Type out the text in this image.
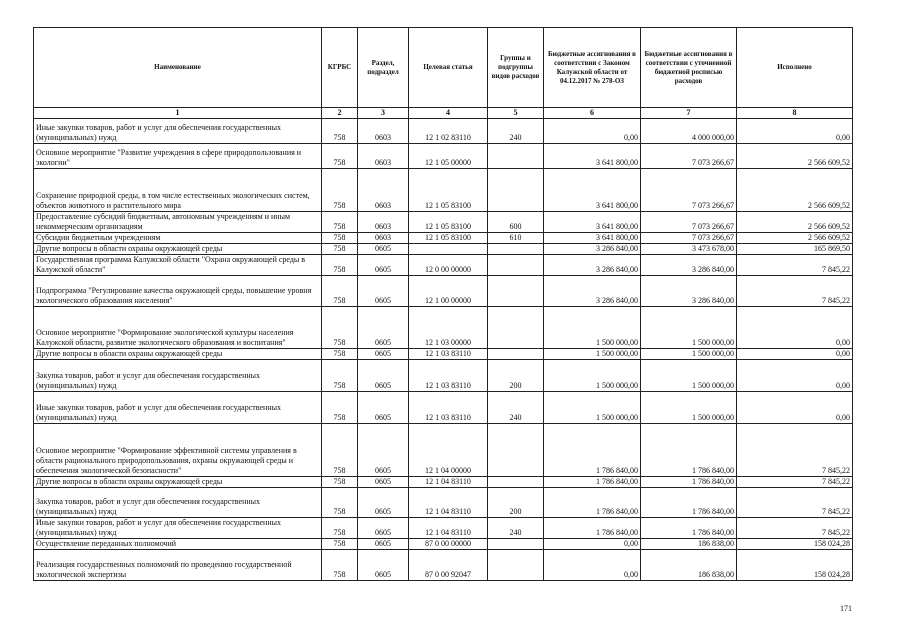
Наименование	КГРБС	Раздел, подраздел	Целевая статья	Группы и подгруппы видов расходов	Бюджетные ассигнования в соответствии с Законом Калужской области от 04.12.2017 № 278-ОЗ	Бюджетные ассигнования в соответствии с уточненной бюджетной росписью расходов	Исполнено
1	2	3	4	5	6	7	8
Иные закупки товаров, работ и услуг для обеспечения государственных (муниципальных) нужд	758	0603	12 1 02 83110	240	0,00	4 000 000,00	0,00
Основное мероприятие "Развитие учреждения в сфере природопользования и экологии"	758	0603	12 1 05 00000		3 641 800,00	7 073 266,67	2 566 609,52
Сохранение природной среды, в том числе естественных экологических систем, объектов животного и растительного мира	758	0603	12 1 05 83100		3 641 800,00	7 073 266,67	2 566 609,52
Предоставление субсидий бюджетным, автономным учреждениям и иным некоммерческим организациям	758	0603	12 1 05 83100	600	3 641 800,00	7 073 266,67	2 566 609,52
Субсидии бюджетным учреждениям	758	0603	12 1 05 83100	610	3 641 800,00	7 073 266,67	2 566 609,52
Другие вопросы в области охраны окружающей среды	758	0605			3 286 840,00	3 473 678,00	165 869,50
Государственная программа Калужской области "Охрана окружающей среды в Калужской области"	758	0605	12 0 00 00000		3 286 840,00	3 286 840,00	7 845,22
Подпрограмма "Регулирование качества окружающей среды, повышение уровня экологического образования населения"	758	0605	12 1 00 00000		3 286 840,00	3 286 840,00	7 845,22
Основное мероприятие "Формирование экологической культуры населения Калужской области, развитие экологического образования и воспитания"	758	0605	12 1 03 00000		1 500 000,00	1 500 000,00	0,00
Другие вопросы в области охраны окружающей среды	758	0605	12 1 03 83110		1 500 000,00	1 500 000,00	0,00
Закупка товаров, работ и услуг для обеспечения государственных (муниципальных) нужд	758	0605	12 1 03 83110	200	1 500 000,00	1 500 000,00	0,00
Иные закупки товаров, работ и услуг для обеспечения государственных (муниципальных) нужд	758	0605	12 1 03 83110	240	1 500 000,00	1 500 000,00	0,00
Основное мероприятие "Формирование эффективной системы управления в области рационального природопользования, охраны окружающей среды и обеспечения экологической безопасности"	758	0605	12 1 04 00000		1 786 840,00	1 786 840,00	7 845,22
Другие вопросы в области охраны окружающей среды	758	0605	12 1 04 83110		1 786 840,00	1 786 840,00	7 845,22
Закупка товаров, работ и услуг для обеспечения государственных (муниципальных) нужд	758	0605	12 1 04 83110	200	1 786 840,00	1 786 840,00	7 845,22
Иные закупки товаров, работ и услуг для обеспечения государственных (муниципальных) нужд	758	0605	12 1 04 83110	240	1 786 840,00	1 786 840,00	7 845,22
Осуществление переданных полномочий	758	0605	87 0 00 00000		0,00	186 838,00	158 024,28
Реализация государственных полномочий по проведению государственной экологической экспертизы	758	0605	87 0 00 92047		0,00	186 838,00	158 024,28
171
